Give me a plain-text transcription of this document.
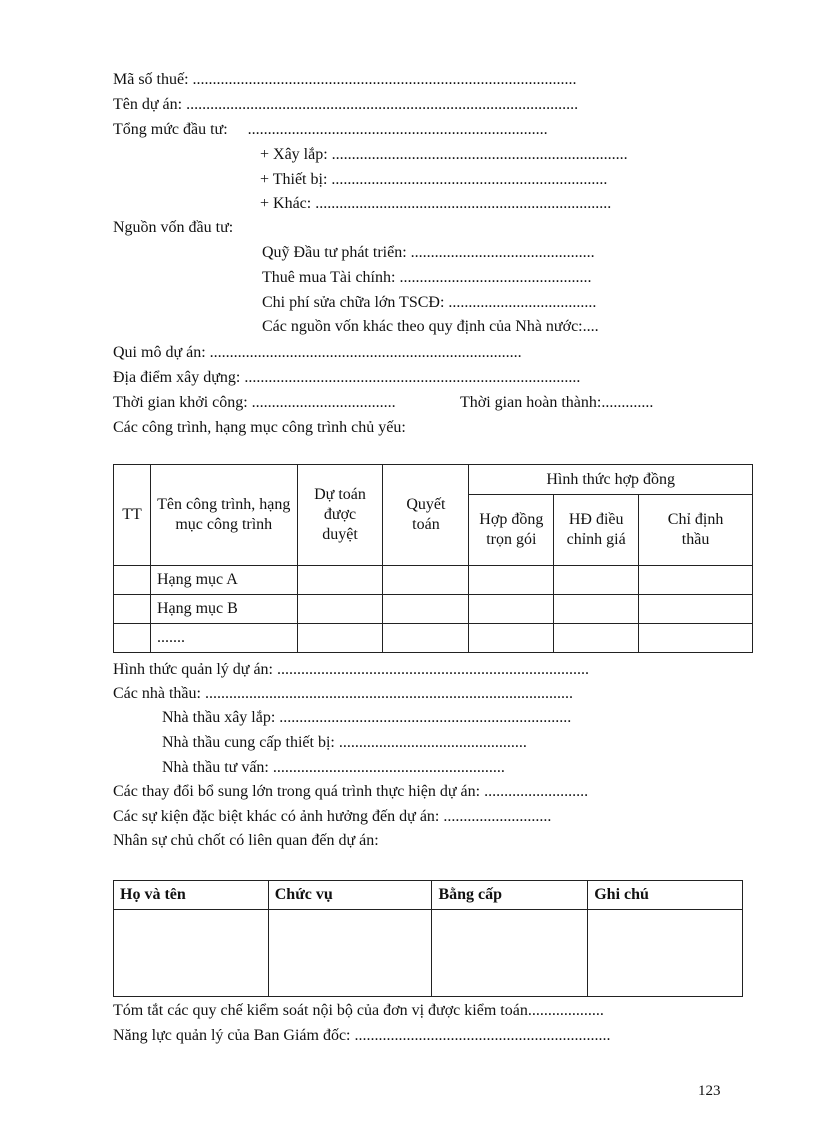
Mã số thuế: ................................................................................................
Tên dự án: ..................................................................................................
Tổng mức đầu tư:     ...........................................................................
+ Xây lắp: ..........................................................................
+ Thiết bị: .....................................................................
+ Khác: ..........................................................................
Nguồn vốn đầu tư:
Quỹ Đầu tư phát triển: ..............................................
Thuê mua Tài chính: ................................................
Chi phí sửa chữa lớn TSCĐ: .....................................
Các nguồn vốn khác theo quy định của Nhà nước:....
Qui mô dự án: ..............................................................................
Địa điểm xây dựng: ....................................................................................
Thời gian khởi công: ....................................	Thời gian hoàn thành:.............
Các công trình, hạng mục công trình chủ yếu:
TT	Tên công trình, hạng mục công trình	Dự toán được duyệt	Quyết toán	Hình thức hợp đồng		
				Hợp đồng trọn gói	HĐ điều chỉnh giá	Chỉ định thầu
	Hạng mục A					
	Hạng mục B					
	.......					
Hình thức quản lý dự án: ..............................................................................
Các nhà thầu: ............................................................................................
Nhà thầu xây lắp: .........................................................................
Nhà thầu cung cấp thiết bị: ...............................................
Nhà thầu tư vấn: ..........................................................
Các thay đổi bổ sung lớn trong quá trình thực hiện dự án: ..........................
Các sự kiện đặc biệt khác có ảnh hưởng đến dự án: ...........................
Nhân sự chủ chốt có liên quan đến dự án:
Họ và tên	Chức vụ	Bằng cấp	Ghi chú

Tóm tắt các quy chế kiểm soát nội bộ của đơn vị được kiểm toán...................
Năng lực quản lý của Ban Giám đốc: ................................................................
123
